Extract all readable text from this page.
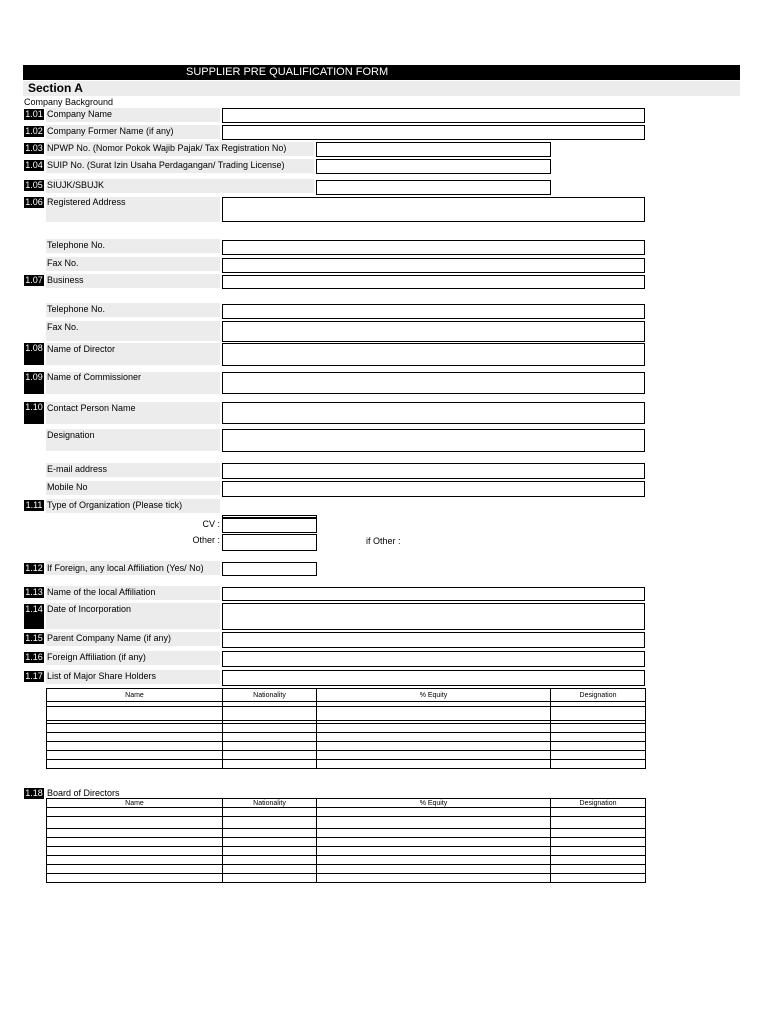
SUPPLIER PRE QUALIFICATION FORM
Section A
Company Background
1.01 Company Name
1.02 Company Former Name (if any)
1.03 NPWP No. (Nomor Pokok Wajib Pajak/ Tax Registration No)
1.04 SUIP No. (Surat Izin Usaha Perdagangan/ Trading License)
1.05 SIUJK/SBUJK
1.06 Registered Address
Telephone No.
Fax No.
1.07 Business
Telephone No.
Fax No.
1.08 Name of Director
1.09 Name of Commissioner
1.10 Contact Person Name
Designation
E-mail address
Mobile No
1.11 Type of Organization (Please tick)
CV :
Other :	if Other :
1.12 If Foreign, any local Affiliation (Yes/ No)
1.13 Name of the local Affiliation
1.14 Date of Incorporation
1.15 Parent Company Name (if any)
1.16 Foreign Affiliation (if any)
1.17 List of Major Share Holders
Name	Nationality	% Equity	Designation

1.18 Board of Directors
Name	Nationality	% Equity	Designation
